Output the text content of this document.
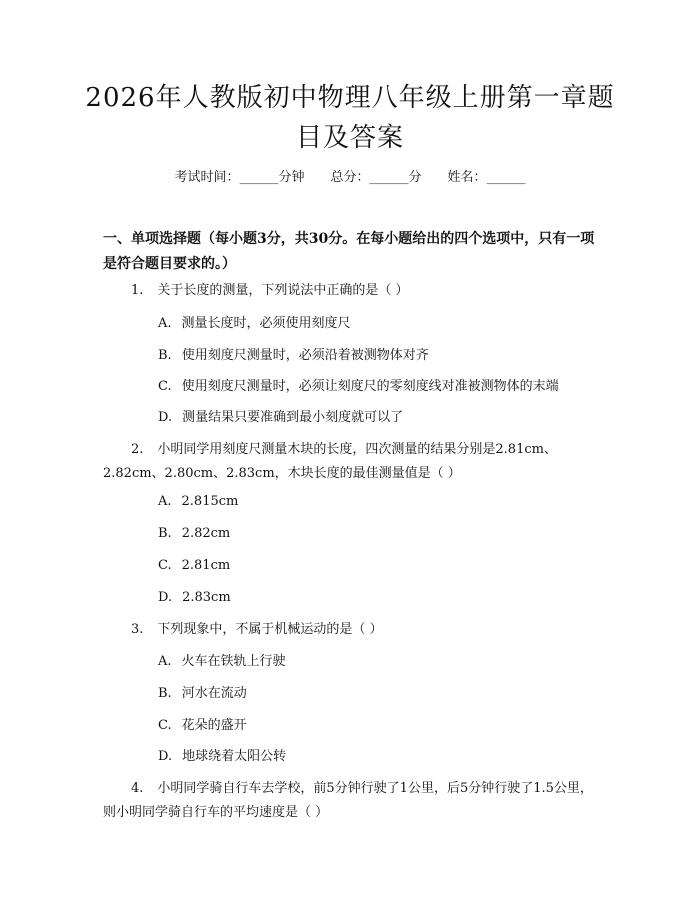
2026年人教版初中物理八年级上册第一章题
目及答案
考试时间：______分钟 总分：______分 姓名：______
一、单项选择题（每小题3分，共30分。在每小题给出的四个选项中，只有一项是符合题目要求的。）
1. 关于长度的测量，下列说法中正确的是（ ）
A. 测量长度时，必须使用刻度尺
B. 使用刻度尺测量时，必须沿着被测物体对齐
C. 使用刻度尺测量时，必须让刻度尺的零刻度线对准被测物体的末端
D. 测量结果只要准确到最小刻度就可以了
2. 小明同学用刻度尺测量木块的长度，四次测量的结果分别是2.81cm、2.82cm、2.80cm、2.83cm，木块长度的最佳测量值是（ ）
A. 2.815cm
B. 2.82cm
C. 2.81cm
D. 2.83cm
3. 下列现象中，不属于机械运动的是（ ）
A. 火车在铁轨上行驶
B. 河水在流动
C. 花朵的盛开
D. 地球绕着太阳公转
4. 小明同学骑自行车去学校，前5分钟行驶了1公里，后5分钟行驶了1.5公里，则小明同学骑自行车的平均速度是（ ）
